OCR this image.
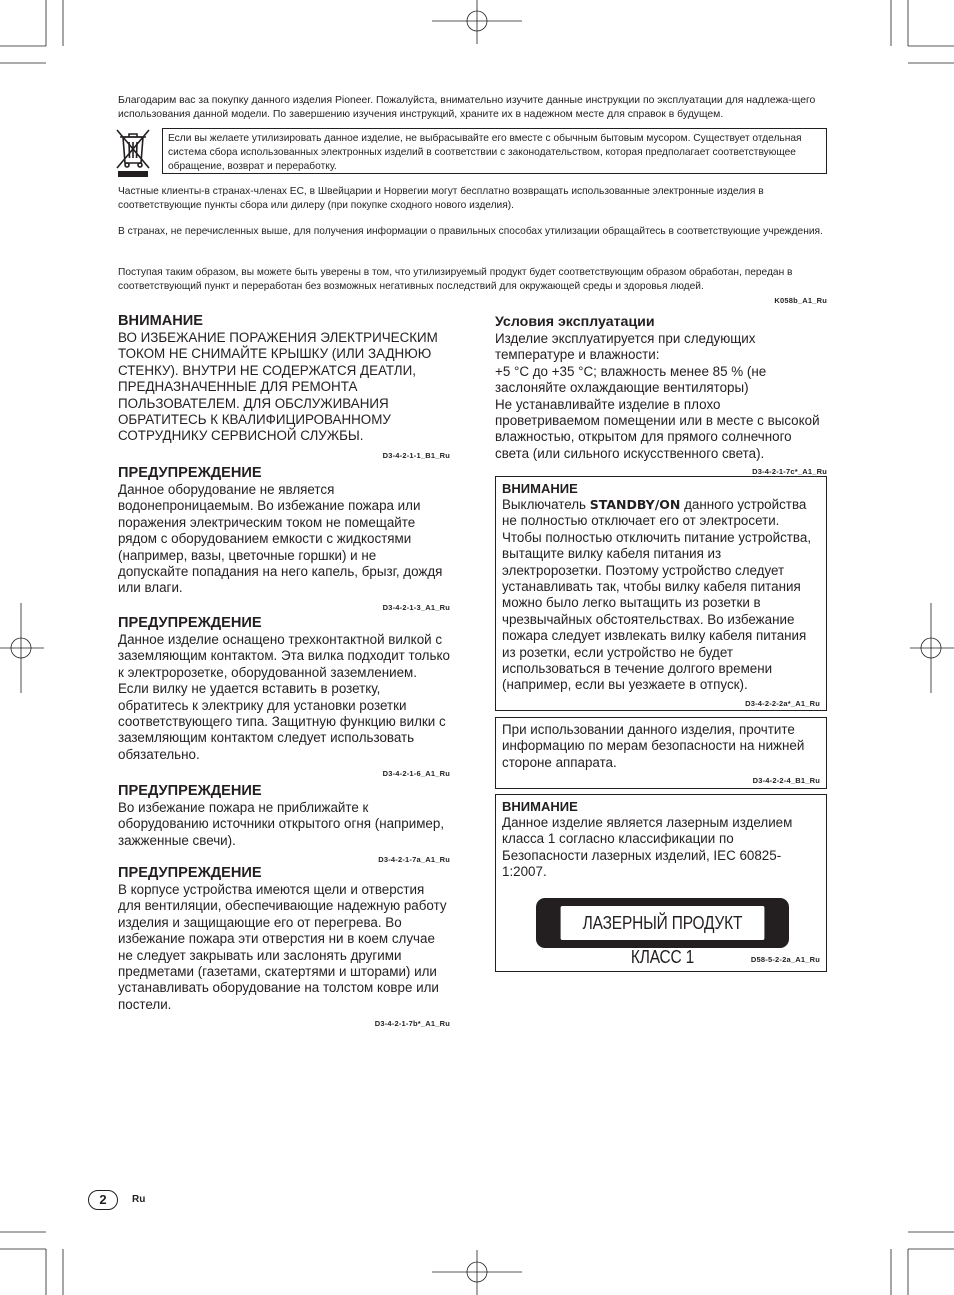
Благодарим вас за покупку данного изделия Pioneer. Пожалуйста, внимательно изучите данные инструкции по эксплуатации для надлежа-щего использования данной модели. По завершению изучения инструкций, храните их в надежном месте для справок в будущем.

Если вы желаете утилизировать данное изделие, не выбрасывайте его вместе с обычным бытовым мусором. Существует отдельная система сбора использованных электронных изделий в соответствии с законодательством, которая предполагает соответствующее обращение, возврат и переработку.
Частные клиенты-в странах-членах ЕС, в Швейцарии и Норвегии могут бесплатно возвращать использованные электронные изделия в соответствующие пункты сбора или дилеру (при покупке сходного нового изделия).
В странах, не перечисленных выше, для получения информации о правильных способах утилизации обращайтесь в соответствующие учреждения.
Поступая таким образом, вы можете быть уверены в том, что утилизируемый продукт будет соответствующим образом обработан, передан в соответствующий пункт и переработан без возможных негативных последствий для окружающей среды и здоровья людей.
K058b_A1_Ru
ВНИМАНИЕ

ВО ИЗБЕЖАНИЕ ПОРАЖЕНИЯ ЭЛЕКТРИЧЕСКИМ ТОКОМ НЕ СНИМАЙТЕ КРЫШКУ (ИЛИ ЗАДНЮЮ СТЕНКУ). ВНУТРИ НЕ СОДЕРЖАТСЯ ДЕАТЛИ, ПРЕДНАЗНАЧЕННЫЕ ДЛЯ РЕМОНТА ПОЛЬЗОВАТЕЛЕМ. ДЛЯ ОБСЛУЖИВАНИЯ ОБРАТИТЕСЬ К КВАЛИФИЦИРОВАННОМУ СОТРУДНИКУ СЕРВИСНОЙ СЛУЖБЫ.

D3-4-2-1-1_B1_Ru
ПРЕДУПРЕЖДЕНИЕ

Данное оборудование не является водонепроницаемым. Во избежание пожара или поражения электрическим током не помещайте рядом с оборудованием емкости с жидкостями (например, вазы, цветочные горшки) и не допускайте попадания на него капель, брызг, дождя или влаги.

D3-4-2-1-3_A1_Ru
ПРЕДУПРЕЖДЕНИЕ

Данное изделие оснащено трехконтактной вилкой с заземляющим контактом. Эта вилка подходит только к электророзетке, оборудованной заземлением. Если вилку не удается вставить в розетку, обратитесь к электрику для установки розетки соответствующего типа. Защитную функцию вилки с заземляющим контактом следует использовать обязательно.

D3-4-2-1-6_A1_Ru
ПРЕДУПРЕЖДЕНИЕ

Во избежание пожара не приближайте к оборудованию источники открытого огня (например, зажженные свечи).

D3-4-2-1-7a_A1_Ru
ПРЕДУПРЕЖДЕНИЕ

В корпусе устройства имеются щели и отверстия для вентиляции, обеспечивающие надежную работу изделия и защищающие его от перегрева. Во избежание пожара эти отверстия ни в коем случае не следует закрывать или заслонять другими предметами (газетами, скатертями и шторами) или устанавливать оборудование на толстом ковре или постели.

D3-4-2-1-7b*_A1_Ru
Условия эксплуатации

Изделие эксплуатируется при следующих температуре и влажности:

+5 °C до +35 °C; влажность менее 85 % (не заслоняйте охлаждающие вентиляторы)

Не устанавливайте изделие в плохо проветриваемом помещении или в месте с высокой влажностью, открытом для прямого солнечного света (или сильного искусственного света).

D3-4-2-1-7c*_A1_Ru
ВНИМАНИЕ

Выключатель STANDBY/ON данного устройства не полностью отключает его от электросети. Чтобы полностью отключить питание устройства, вытащите вилку кабеля питания из электророзетки. Поэтому устройство следует устанавливать так, чтобы вилку кабеля питания можно было легко вытащить из розетки в чрезвычайных обстоятельствах. Во избежание пожара следует извлекать вилку кабеля питания из розетки, если устройство не будет использоваться в течение долгого времени (например, если вы уезжаете в отпуск).

D3-4-2-2-2a*_A1_Ru

При использовании данного изделия, прочтите информацию по мерам безопасности на нижней стороне аппарата.

D3-4-2-2-4_B1_Ru
ВНИМАНИЕ

Данное изделие является лазерным изделием класса 1 согласно классификации по Безопасности лазерных изделий, IEC 60825-1:2007.

ЛАЗЕРНЫЙ ПРОДУКТ КЛАСС 1	D58-5-2-2a_A1_Ru
2	Ru
